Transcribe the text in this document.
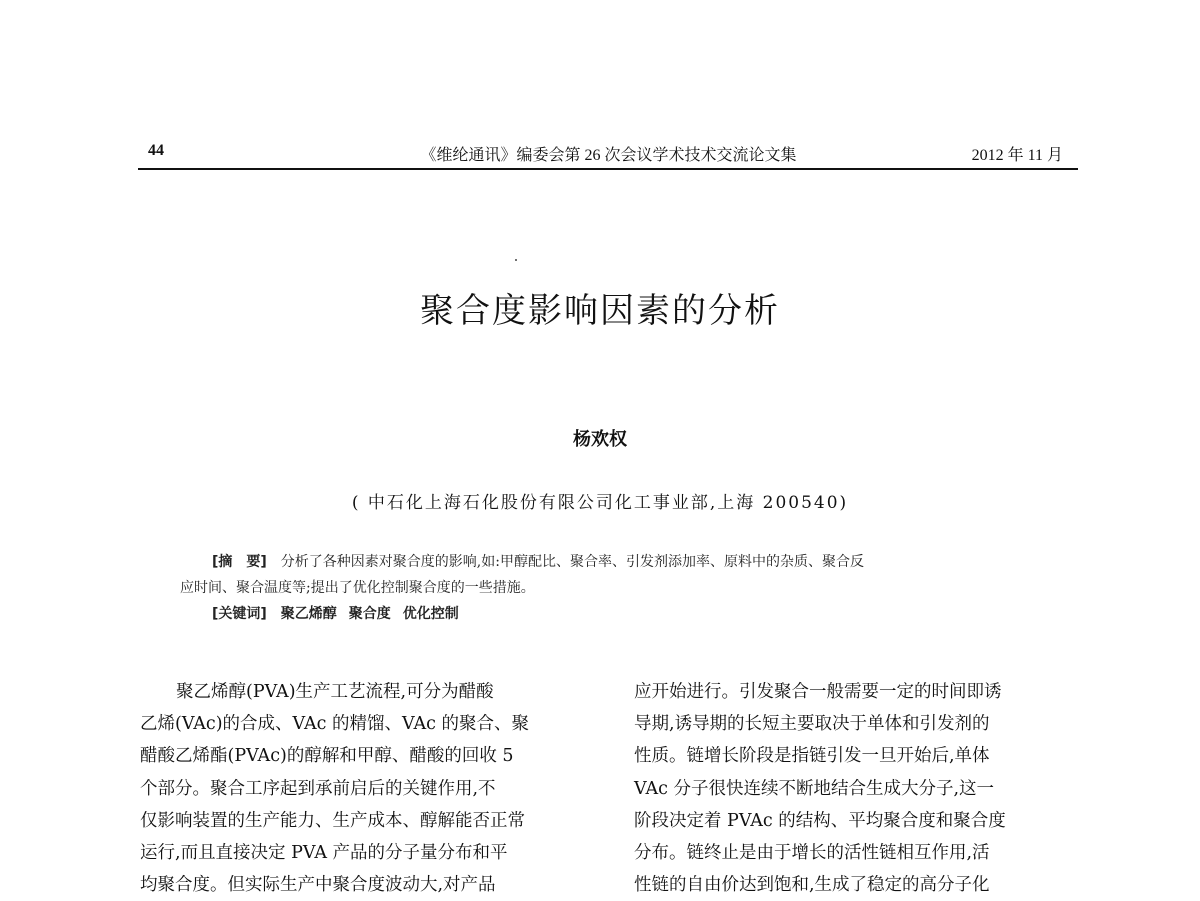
44	《维纶通讯》编委会第 26 次会议学术技术交流论文集	2012 年 11 月
聚合度影响因素的分析
杨欢权
( 中石化上海石化股份有限公司化工事业部,上海 200540)
[摘　要] 分析了各种因素对聚合度的影响,如:甲醇配比、聚合率、引发剂添加率、原料中的杂质、聚合反
应时间、聚合温度等;提出了优化控制聚合度的一些措施。
[关键词] 聚乙烯醇 聚合度 优化控制
聚乙烯醇(PVA)生产工艺流程,可分为醋酸
乙烯(VAc)的合成、VAc 的精馏、VAc 的聚合、聚
醋酸乙烯酯(PVAc)的醇解和甲醇、醋酸的回收 5
个部分。聚合工序起到承前启后的关键作用,不
仅影响装置的生产能力、生产成本、醇解能否正常
运行,而且直接决定 PVA 产品的分子量分布和平
均聚合度。但实际生产中聚合度波动大,对产品
应开始进行。引发聚合一般需要一定的时间即诱
导期,诱导期的长短主要取决于单体和引发剂的
性质。链增长阶段是指链引发一旦开始后,单体
VAc 分子很快连续不断地结合生成大分子,这一
阶段决定着 PVAc 的结构、平均聚合度和聚合度
分布。链终止是由于增长的活性链相互作用,活
性链的自由价达到饱和,生成了稳定的高分子化
